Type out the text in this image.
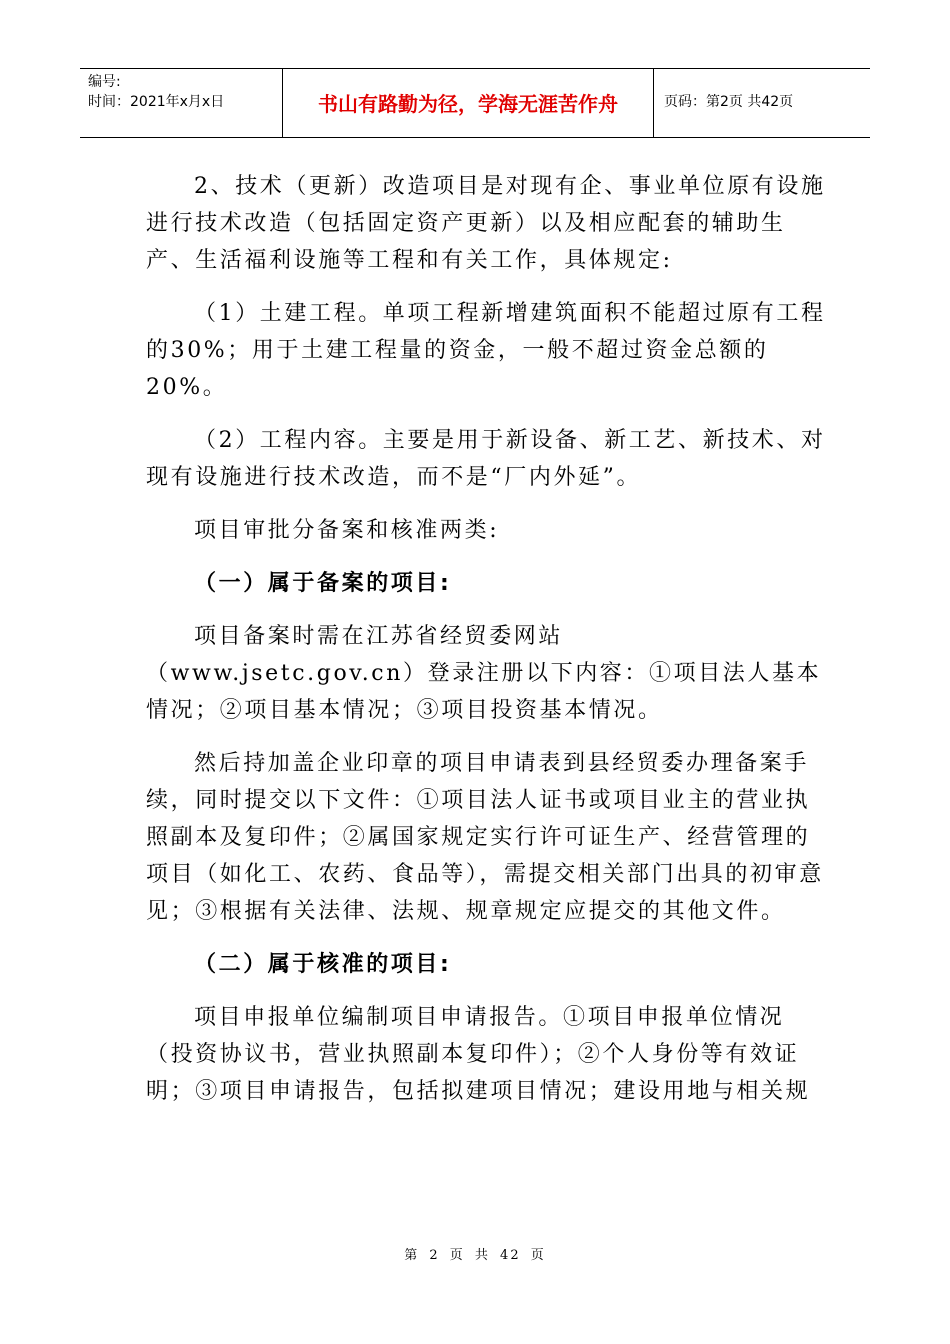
编号:
时间：2021年x月x日	书山有路勤为径，学海无涯苦作舟	页码：第2页 共42页

2、技术（更新）改造项目是对现有企、事业单位原有设施进行技术改造（包括固定资产更新）以及相应配套的辅助生产、生活福利设施等工程和有关工作，具体规定:

（1）土建工程。单项工程新增建筑面积不能超过原有工程的30%；用于土建工程量的资金，一般不超过资金总额的20%。

（2）工程内容。主要是用于新设备、新工艺、新技术、对现有设施进行技术改造，而不是“厂内外延”。

项目审批分备案和核准两类:

（一）属于备案的项目:

项目备案时需在江苏省经贸委网站（www.jsetc.gov.cn）登录注册以下内容：①项目法人基本情况；②项目基本情况；③项目投资基本情况。

然后持加盖企业印章的项目申请表到县经贸委办理备案手续，同时提交以下文件：①项目法人证书或项目业主的营业执照副本及复印件；②属国家规定实行许可证生产、经营管理的项目（如化工、农药、食品等），需提交相关部门出具的初审意见；③根据有关法律、法规、规章规定应提交的其他文件。

（二）属于核准的项目:

项目申报单位编制项目申请报告。①项目申报单位情况（投资协议书，营业执照副本复印件）；②个人身份等有效证明；③项目申请报告，包括拟建项目情况；建设用地与相关规

第 2 页 共 42 页
